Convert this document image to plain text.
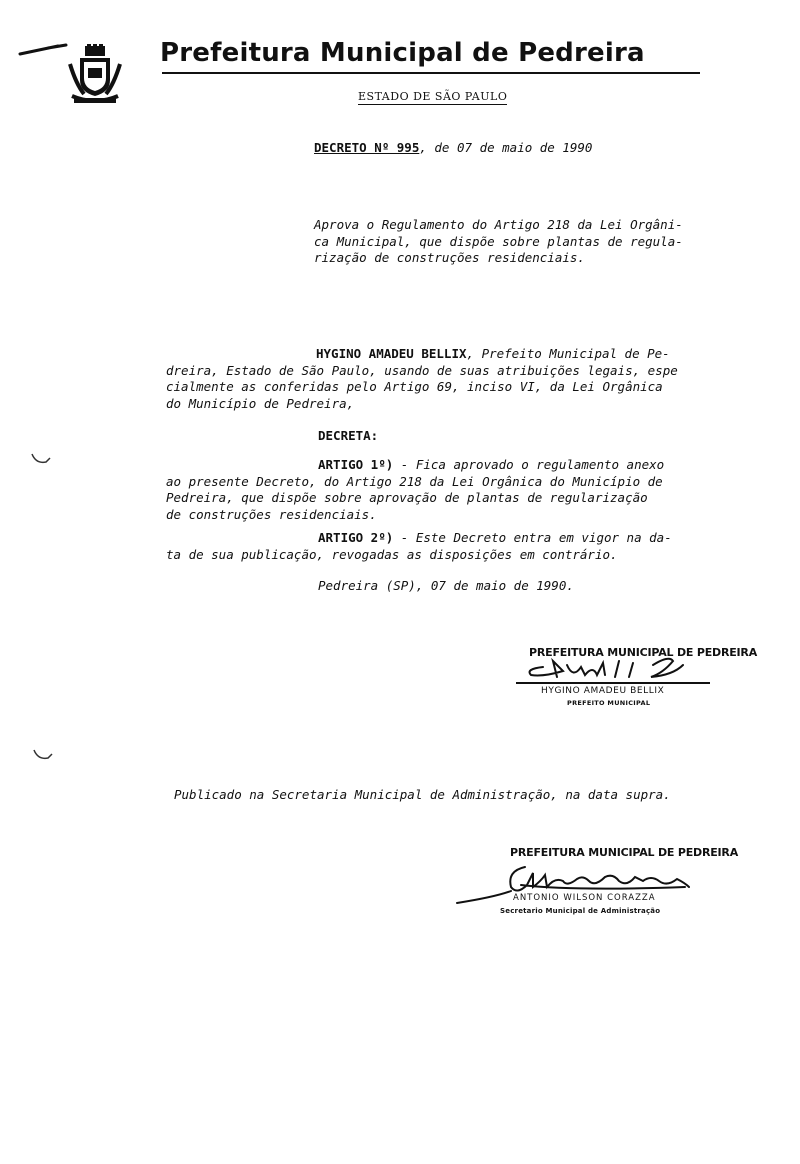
Prefeitura Municipal de Pedreira
ESTADO DE SÃO PAULO
DECRETO Nº 995, de 07 de maio de 1990
Aprova o Regulamento do Artigo 218 da Lei Orgâni-
ca Municipal, que dispõe sobre plantas de regula-
rização de construções residenciais.
HYGINO AMADEU BELLIX, Prefeito Municipal de Pe-
dreira, Estado de São Paulo, usando de suas atribuições legais, espe
cialmente as conferidas pelo Artigo 69, inciso VI, da Lei Orgânica
do Município de Pedreira,
DECRETA:
ARTIGO 1º) - Fica aprovado o regulamento anexo
ao presente Decreto, do Artigo 218 da Lei Orgânica do Município de
Pedreira, que dispõe sobre aprovação de plantas de regularização
de construções residenciais.
ARTIGO 2º) - Este Decreto entra em vigor na da-
ta de sua publicação, revogadas as disposições em contrário.
Pedreira (SP), 07 de maio de 1990.
PREFEITURA MUNICIPAL DE PEDREIRA
HYGINO AMADEU BELLIX
PREFEITO MUNICIPAL
Publicado na Secretaria Municipal de Administração, na data supra.
PREFEITURA MUNICIPAL DE PEDREIRA
ANTONIO WILSON CORAZZA
Secretario Municipal de Administração
